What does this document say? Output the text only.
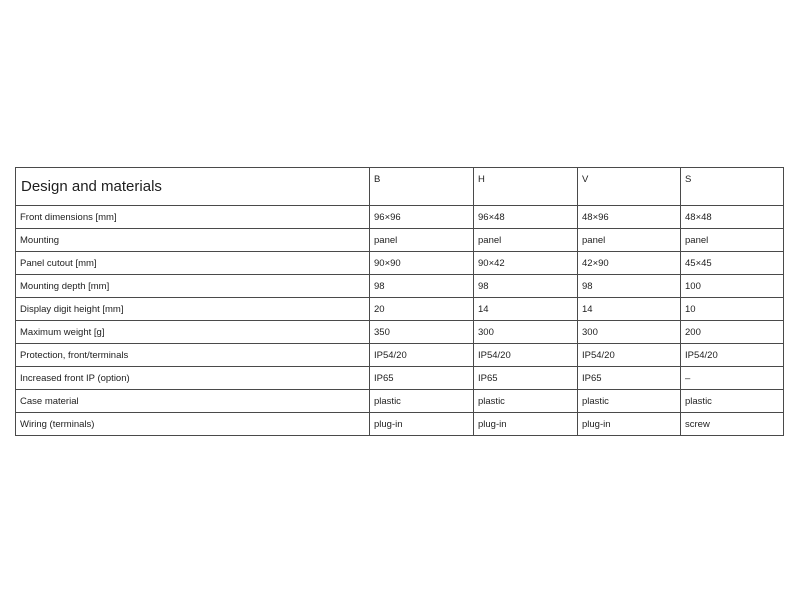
Design and materials	B	H	V	S
Front dimensions [mm]	96×96	96×48	48×96	48×48
Mounting	panel	panel	panel	panel
Panel cutout [mm]	90×90	90×42	42×90	45×45
Mounting depth [mm]	98	98	98	100
Display digit height [mm]	20	14	14	10
Maximum weight [g]	350	300	300	200
Protection, front/terminals	IP54/20	IP54/20	IP54/20	IP54/20
Increased front IP (option)	IP65	IP65	IP65	–
Case material	plastic	plastic	plastic	plastic
Wiring (terminals)	plug-in	plug-in	plug-in	screw
